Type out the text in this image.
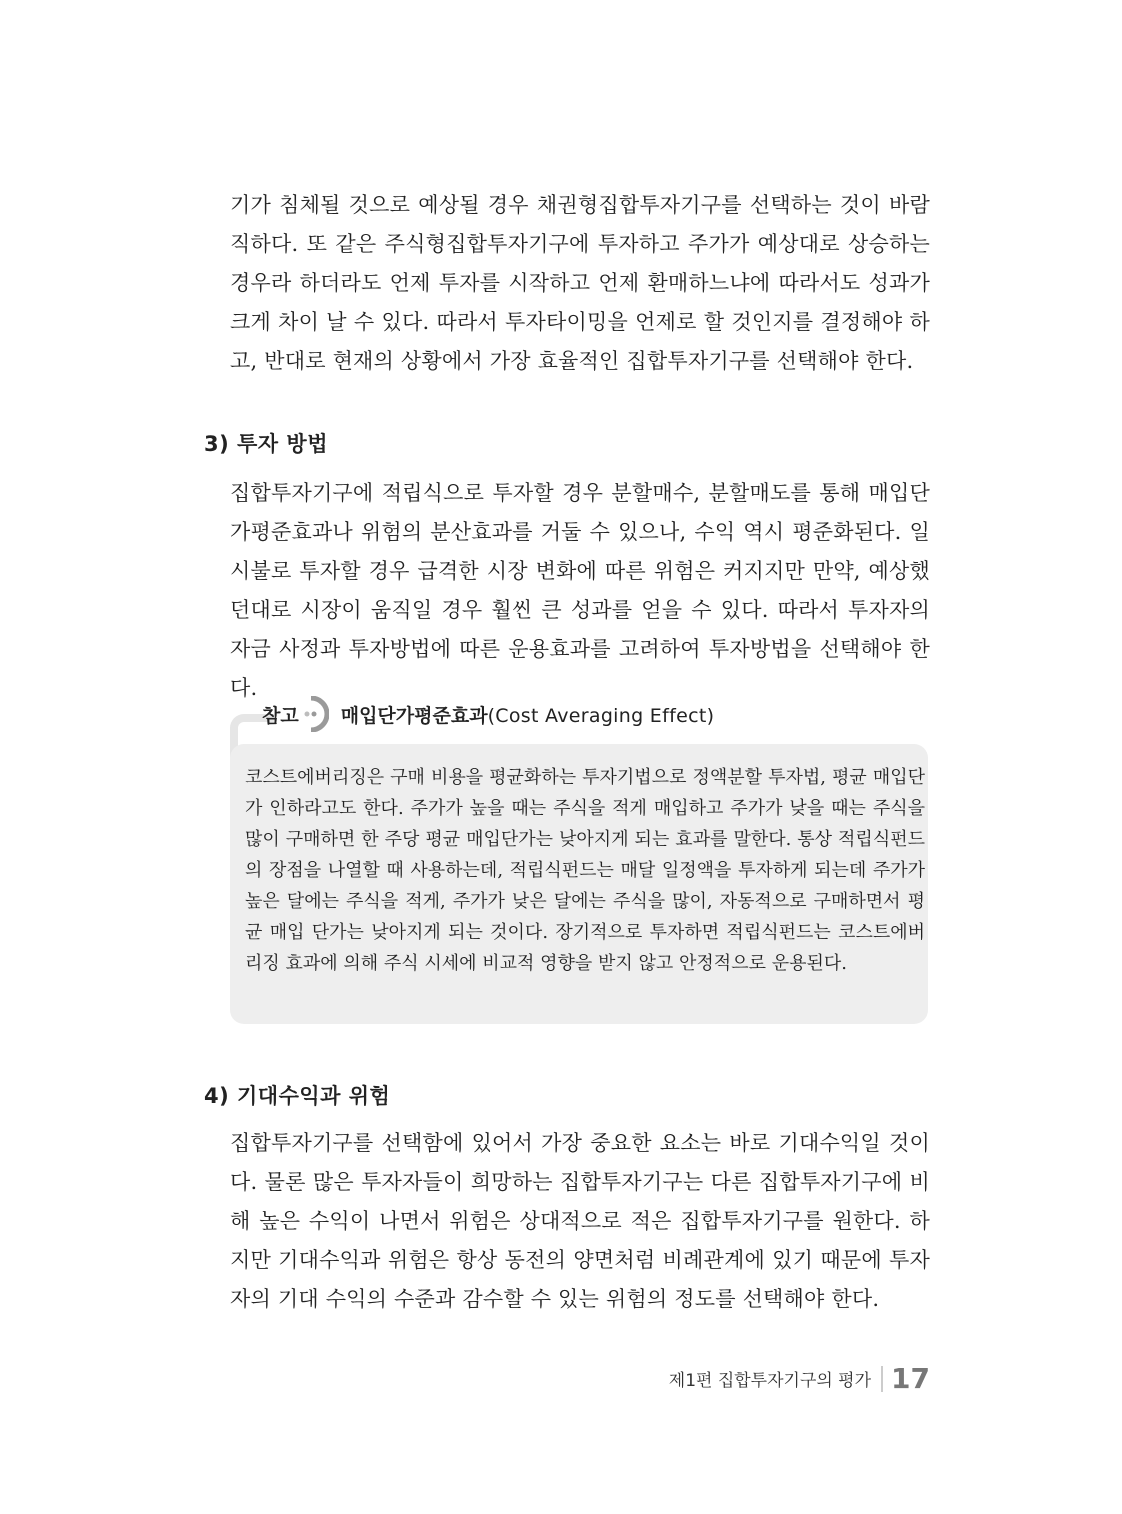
기가 침체될 것으로 예상될 경우 채권형집합투자기구를 선택하는 것이 바람직하다. 또 같은 주식형집합투자기구에 투자하고 주가가 예상대로 상승하는 경우라 하더라도 언제 투자를 시작하고 언제 환매하느냐에 따라서도 성과가 크게 차이 날 수 있다. 따라서 투자타이밍을 언제로 할 것인지를 결정해야 하고, 반대로 현재의 상황에서 가장 효율적인 집합투자기구를 선택해야 한다.
3) 투자 방법
집합투자기구에 적립식으로 투자할 경우 분할매수, 분할매도를 통해 매입단가평준효과나 위험의 분산효과를 거둘 수 있으나, 수익 역시 평준화된다. 일시불로 투자할 경우 급격한 시장 변화에 따른 위험은 커지지만 만약, 예상했던대로 시장이 움직일 경우 훨씬 큰 성과를 얻을 수 있다. 따라서 투자자의 자금 사정과 투자방법에 따른 운용효과를 고려하여 투자방법을 선택해야 한다.
참고 매입단가평준효과(Cost Averaging Effect)
코스트에버리징은 구매 비용을 평균화하는 투자기법으로 정액분할 투자법, 평균 매입단가 인하라고도 한다. 주가가 높을 때는 주식을 적게 매입하고 주가가 낮을 때는 주식을 많이 구매하면 한 주당 평균 매입단가는 낮아지게 되는 효과를 말한다. 통상 적립식펀드의 장점을 나열할 때 사용하는데, 적립식펀드는 매달 일정액을 투자하게 되는데 주가가 높은 달에는 주식을 적게, 주가가 낮은 달에는 주식을 많이, 자동적으로 구매하면서 평균 매입 단가는 낮아지게 되는 것이다. 장기적으로 투자하면 적립식펀드는 코스트에버리징 효과에 의해 주식 시세에 비교적 영향을 받지 않고 안정적으로 운용된다.
4) 기대수익과 위험
집합투자기구를 선택함에 있어서 가장 중요한 요소는 바로 기대수익일 것이다. 물론 많은 투자자들이 희망하는 집합투자기구는 다른 집합투자기구에 비해 높은 수익이 나면서 위험은 상대적으로 적은 집합투자기구를 원한다. 하지만 기대수익과 위험은 항상 동전의 양면처럼 비례관계에 있기 때문에 투자자의 기대 수익의 수준과 감수할 수 있는 위험의 정도를 선택해야 한다.
제1편 집합투자기구의 평가 17
